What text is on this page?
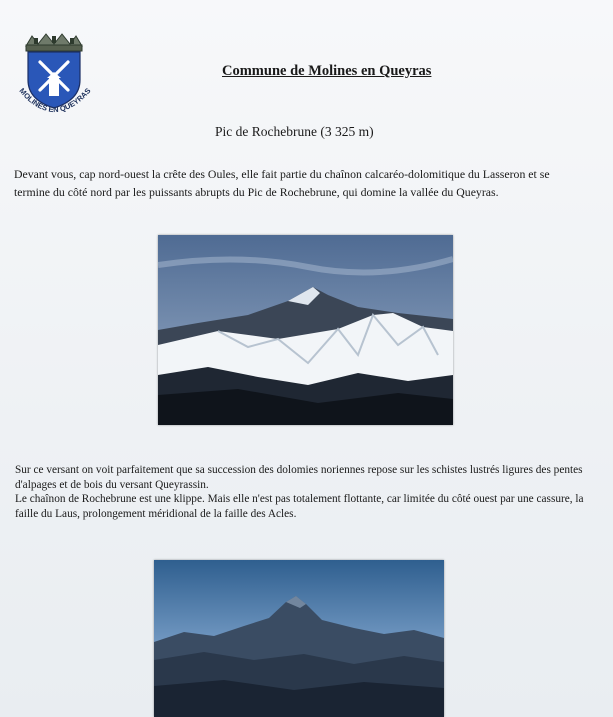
MOLINES EN QUEYRAS
Commune de Molines en Queyras
Pic de Rochebrune (3 325 m)
Devant vous, cap nord-ouest la crête des Oules, elle fait partie du chaînon calcaréo-dolomitique du Lasseron et se termine du côté nord par les puissants abrupts du Pic de Rochebrune, qui domine la vallée du Queyras.
Sur ce versant on voit parfaitement que sa succession des dolomies noriennes repose sur les schistes lustrés ligures des pentes d'alpages et de bois du versant Queyrassin.
Le chaînon de Rochebrune est une klippe. Mais elle n'est pas totalement flottante, car limitée du côté ouest par une cassure, la faille du Laus, prolongement méridional de la faille des Acles.
